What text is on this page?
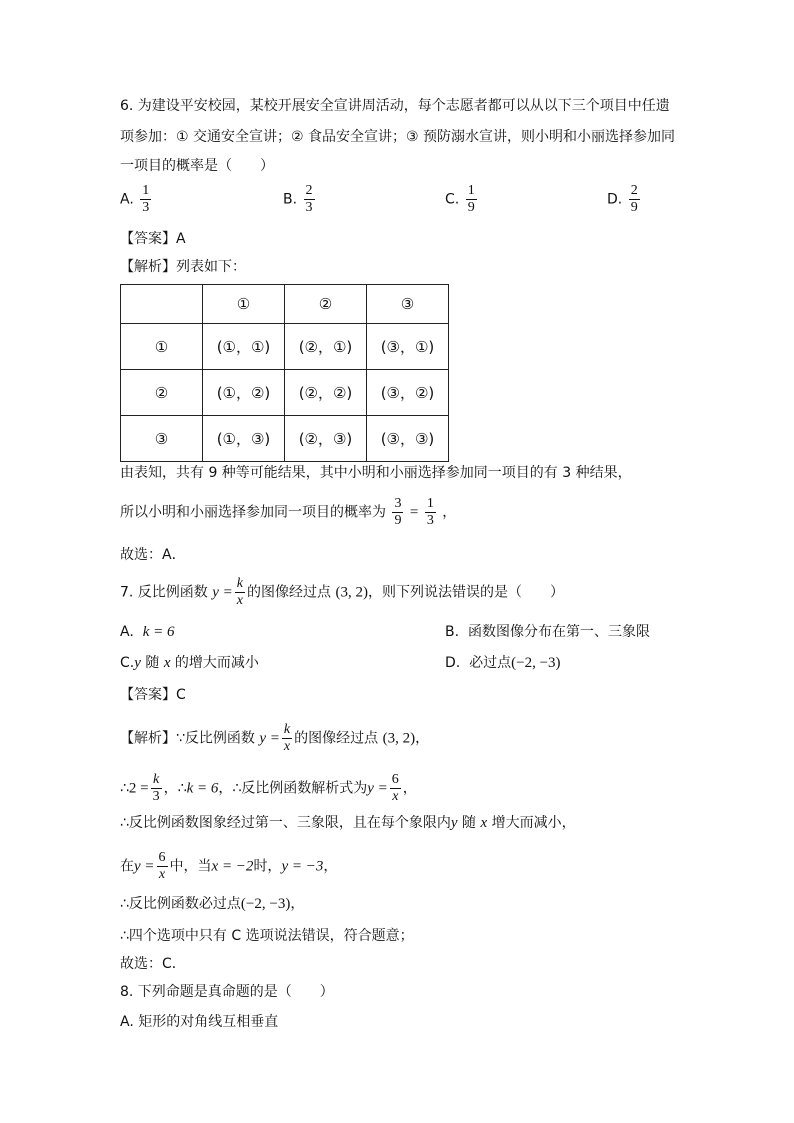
6. 为建设平安校园，某校开展安全宣讲周活动，每个志愿者都可以从以下三个项目中任遗
项参加：① 交通安全宣讲；② 食品安全宣讲；③ 预防溺水宣讲，则小明和小丽选择参加同
一项目的概率是（　　）
A. $\frac{1}{3}$	B. $\frac{2}{3}$	C. $\frac{1}{9}$	D. $\frac{2}{9}$
【答案】A
【解析】列表如下：
	①	②	③
①	(①，①)	(②，①)	(③，①)
②	(①，②)	(②，②)	(③，②)
③	(①，③)	(②，③)	(③，③)
由表知，共有 9 种等可能结果，其中小明和小丽选择参加同一项目的有 3 种结果，
所以小明和小丽选择参加同一项目的概率为 $\frac{3}{9} = \frac{1}{3}$ ，
故选：A．
7. 反比例函数 $y = \frac{k}{x}$ 的图像经过点 (3, 2)，则下列说法错误的是（　　）
A. k = 6	B. 函数图像分布在第一、三象限
C.y 随 x 的增大而减小	D. 必过点(−2, −3)
【答案】C
【解析】∵反比例函数 $y = \frac{k}{x}$ 的图像经过点 (3, 2)，
∴2 = $\frac{k}{3}$ ，∴k = 6，∴反比例函数解析式为$y = \frac{6}{x}$ ，
∴反比例函数图象经过第一、三象限，且在每个象限内y 随 x 增大而减小，
在$y = \frac{6}{x}$ 中，当x = −2时，y = −3，
∴反比例函数必过点(−2, −3)，
∴四个选项中只有 C 选项说法错误，符合题意；
故选：C．
8. 下列命题是真命题的是（　　）
A. 矩形的对角线互相垂直
